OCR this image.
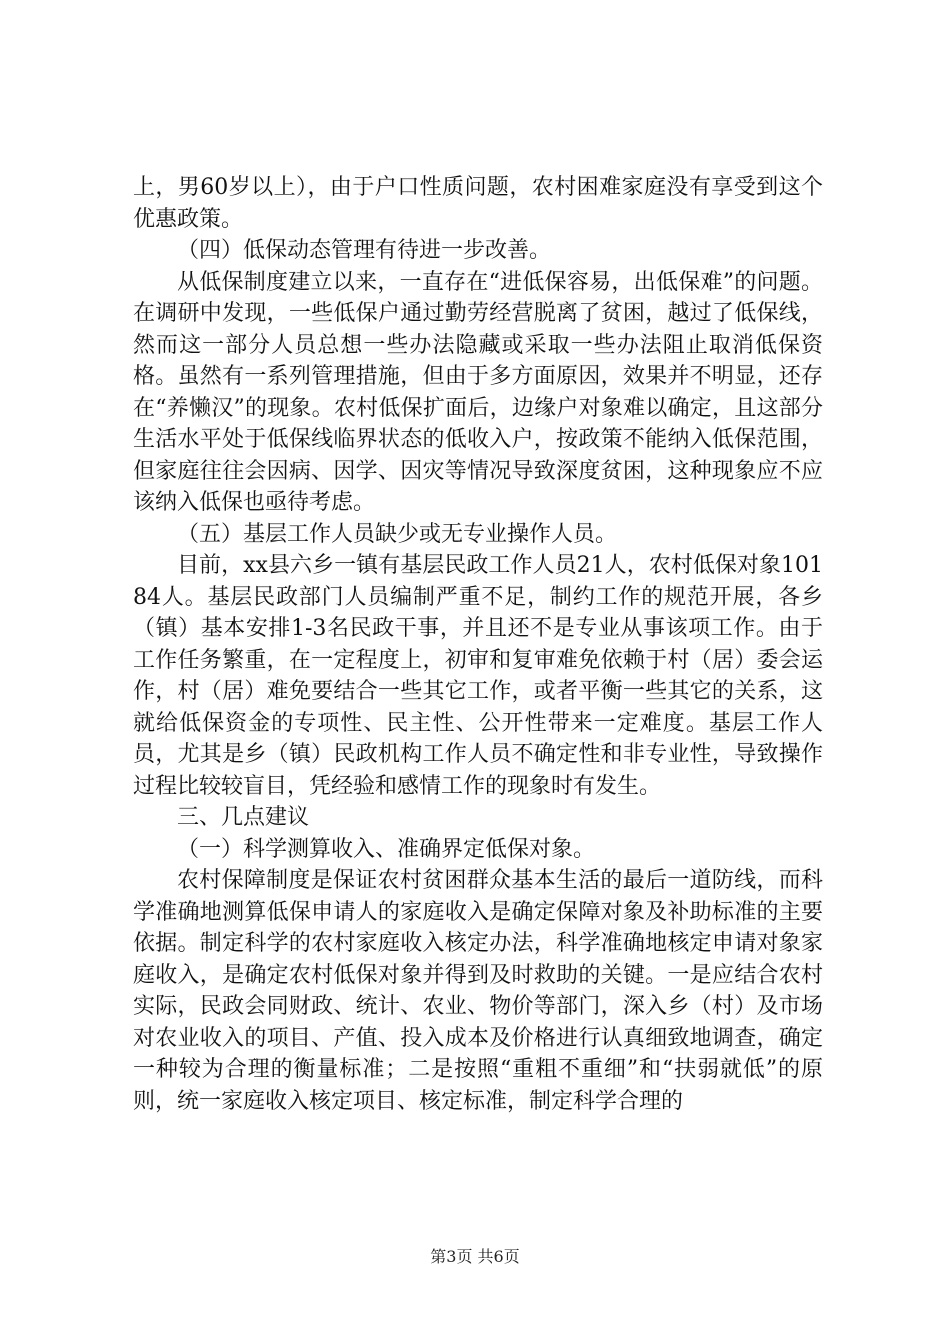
上，男60岁以上），由于户口性质问题，农村困难家庭没有享受到这个优惠政策。

（四）低保动态管理有待进一步改善。

从低保制度建立以来，一直存在“进低保容易，出低保难”的问题。在调研中发现，一些低保户通过勤劳经营脱离了贫困，越过了低保线，然而这一部分人员总想一些办法隐藏或采取一些办法阻止取消低保资格。虽然有一系列管理措施，但由于多方面原因，效果并不明显，还存在“养懒汉”的现象。农村低保扩面后，边缘户对象难以确定，且这部分生活水平处于低保线临界状态的低收入户，按政策不能纳入低保范围，但家庭往往会因病、因学、因灾等情况导致深度贫困，这种现象应不应该纳入低保也亟待考虑。

（五）基层工作人员缺少或无专业操作人员。

目前，xx县六乡一镇有基层民政工作人员21人，农村低保对象10184人。基层民政部门人员编制严重不足，制约工作的规范开展，各乡（镇）基本安排1-3名民政干事，并且还不是专业从事该项工作。由于工作任务繁重，在一定程度上，初审和复审难免依赖于村（居）委会运作，村（居）难免要结合一些其它工作，或者平衡一些其它的关系，这就给低保资金的专项性、民主性、公开性带来一定难度。基层工作人员，尤其是乡（镇）民政机构工作人员不确定性和非专业性，导致操作过程比较较盲目，凭经验和感情工作的现象时有发生。

三、几点建议

（一）科学测算收入、准确界定低保对象。

农村保障制度是保证农村贫困群众基本生活的最后一道防线，而科学准确地测算低保申请人的家庭收入是确定保障对象及补助标准的主要依据。制定科学的农村家庭收入核定办法，科学准确地核定申请对象家庭收入，是确定农村低保对象并得到及时救助的关键。一是应结合农村实际，民政会同财政、统计、农业、物价等部门，深入乡（村）及市场对农业收入的项目、产值、投入成本及价格进行认真细致地调查，确定一种较为合理的衡量标准；二是按照“重粗不重细”和“扶弱就低”的原则，统一家庭收入核定项目、核定标准，制定科学合理的

第3页 共6页
